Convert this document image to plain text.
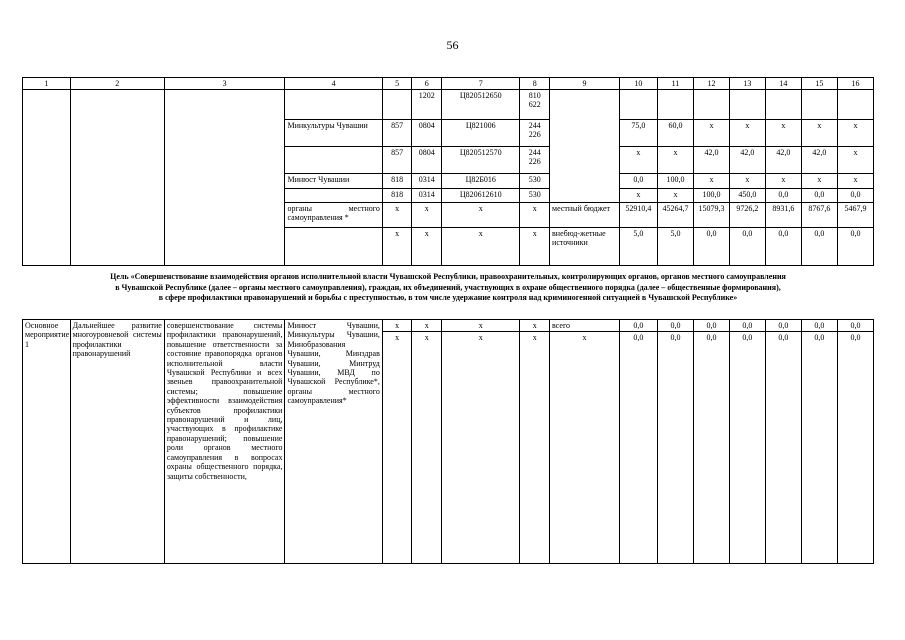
56
1	2	3	4	5	6	7	8	9	10	11	12	13	14	15	16
					1202	Ц820512650	810
622								
			Минкультуры Чувашии	857	0804	Ц821006	244
226		75,0	60,0	x	x	x	x	x
				857	0804	Ц820512570	244
226		x	x	42,0	42,0	42,0	42,0	x
			Минюст Чувашии	818	0314	Ц82Б016	530		0,0	100,0	x	x	x	x	x
				818	0314	Ц820612610	530		x	x	100,0	450,0	0,0	0,0	0,0
			органы местного самоуправления *	x	x	x	x	местный бюджет	52910,4	45264,7	15079,3	9726,2	8931,6	8767,6	5467,9
				x	x	x	x	внебюд-жетные источники	5,0	5,0	0,0	0,0	0,0	0,0	0,0
Цель «Совершенствование взаимодействия органов исполнительной власти Чувашской Республики, правоохранительных, контролирующих органов, органов местного самоуправления
в Чувашской Республике (далее – органы местного самоуправления), граждан, их объединений, участвующих в охране общественного порядка (далее – общественные формирования),
в сфере профилактики правонарушений и борьбы с преступностью, в том числе удержание контроля над криминогенной ситуацией в Чувашской Республике»
Основное мероприятие 1	Дальнейшее развитие многоуровневой системы профилактики правонарушений	совершенствование системы профилактики правонарушений, повышение ответственности за состояние правопорядка органов исполнительной власти Чувашской Республики и всех звеньев правоохранительной системы; повышение эффективности взаимодействия субъектов профилактики правонарушений и лиц, участвующих в профилактике правонарушений; повышение роли органов местного самоуправления в вопросах охраны общественного порядка, защиты собственности,	Минюст Чувашии, Минкультуры Чувашии, Минобразования Чувашии, Минздрав Чувашии, Минтруд Чувашии, МВД по Чувашской Республике*, органы местного самоуправления*	x	x	x	x	всего	0,0	0,0	0,0	0,0	0,0	0,0	0,0
				x	x	x	x	x	0,0	0,0	0,0	0,0	0,0	0,0	0,0
